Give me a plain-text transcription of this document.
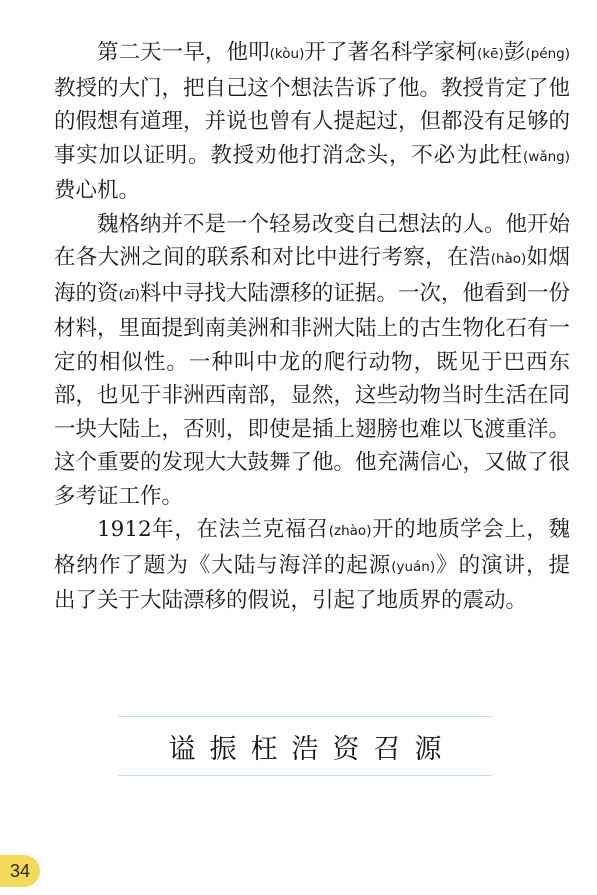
第二天一早，他叩(kòu)开了著名科学家柯(kē)彭(péng)教授的大门，把自己这个想法告诉了他。教授肯定了他的假想有道理，并说也曾有人提起过，但都没有足够的事实加以证明。教授劝他打消念头，不必为此枉(wǎng)费心机。

魏格纳并不是一个轻易改变自己想法的人。他开始在各大洲之间的联系和对比中进行考察，在浩(hào)如烟海的资(zī)料中寻找大陆漂移的证据。一次，他看到一份材料，里面提到南美洲和非洲大陆上的古生物化石有一定的相似性。一种叫中龙的爬行动物，既见于巴西东部，也见于非洲西南部，显然，这些动物当时生活在同一块大陆上，否则，即使是插上翅膀也难以飞渡重洋。这个重要的发现大大鼓舞了他。他充满信心，又做了很多考证工作。

1912年，在法兰克福召(zhào)开的地质学会上，魏格纳作了题为《大陆与海洋的起源(yuán)》的演讲，提出了关于大陆漂移的假说，引起了地质界的震动。

谥振枉浩资召源
34
